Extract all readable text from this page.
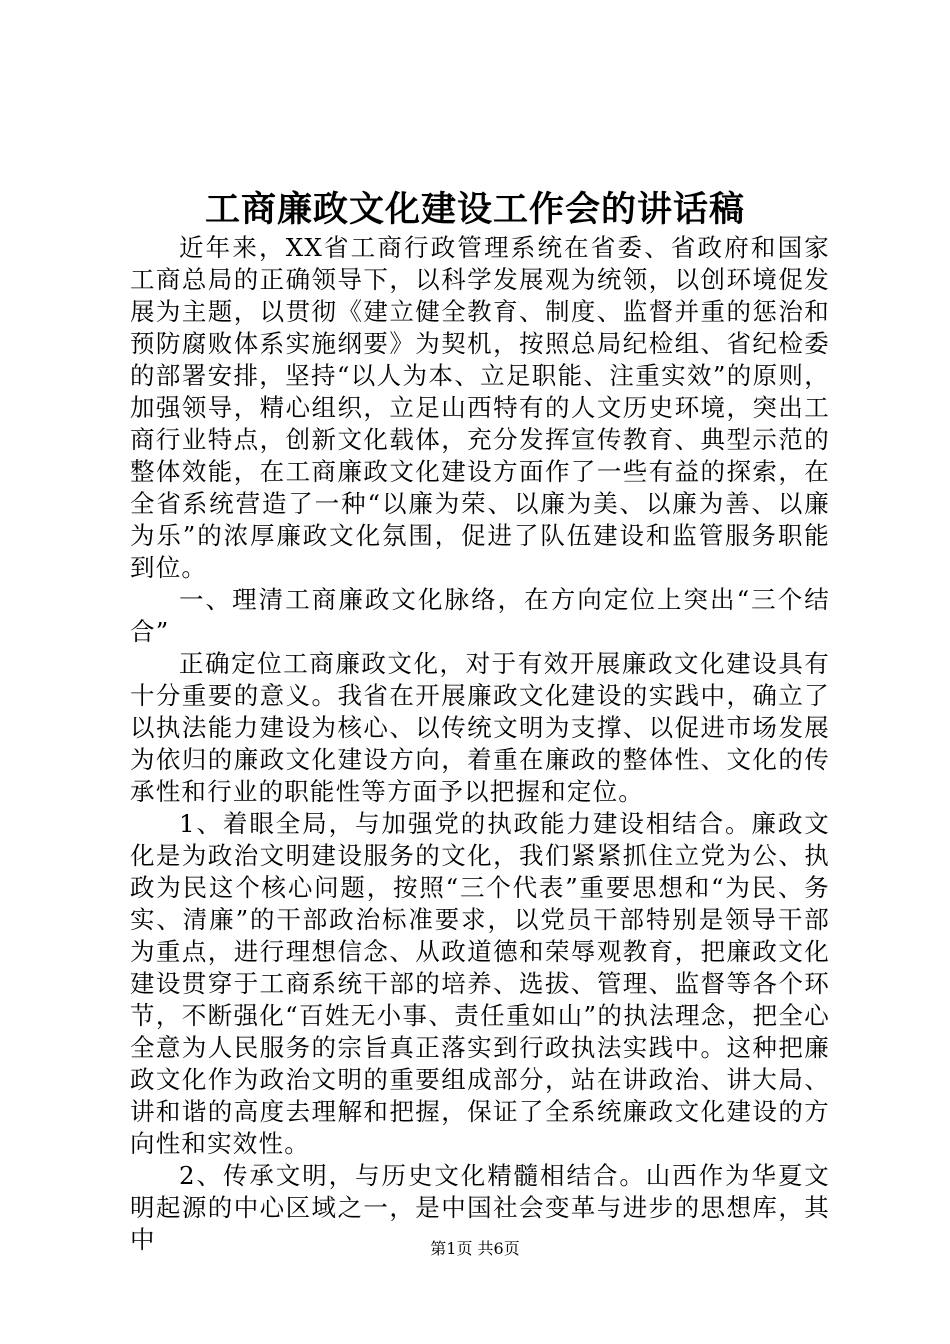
工商廉政文化建设工作会的讲话稿

近年来，XX省工商行政管理系统在省委、省政府和国家工商总局的正确领导下，以科学发展观为统领，以创环境促发展为主题，以贯彻《建立健全教育、制度、监督并重的惩治和预防腐败体系实施纲要》为契机，按照总局纪检组、省纪检委的部署安排，坚持“以人为本、立足职能、注重实效”的原则，加强领导，精心组织，立足山西特有的人文历史环境，突出工商行业特点，创新文化载体，充分发挥宣传教育、典型示范的整体效能，在工商廉政文化建设方面作了一些有益的探索，在全省系统营造了一种“以廉为荣、以廉为美、以廉为善、以廉为乐”的浓厚廉政文化氛围，促进了队伍建设和监管服务职能到位。

一、理清工商廉政文化脉络，在方向定位上突出“三个结合”

正确定位工商廉政文化，对于有效开展廉政文化建设具有十分重要的意义。我省在开展廉政文化建设的实践中，确立了以执法能力建设为核心、以传统文明为支撑、以促进市场发展为依归的廉政文化建设方向，着重在廉政的整体性、文化的传承性和行业的职能性等方面予以把握和定位。

1、着眼全局，与加强党的执政能力建设相结合。廉政文化是为政治文明建设服务的文化，我们紧紧抓住立党为公、执政为民这个核心问题，按照“三个代表”重要思想和“为民、务实、清廉”的干部政治标准要求，以党员干部特别是领导干部为重点，进行理想信念、从政道德和荣辱观教育，把廉政文化建设贯穿于工商系统干部的培养、选拔、管理、监督等各个环节，不断强化“百姓无小事、责任重如山”的执法理念，把全心全意为人民服务的宗旨真正落实到行政执法实践中。这种把廉政文化作为政治文明的重要组成部分，站在讲政治、讲大局、讲和谐的高度去理解和把握，保证了全系统廉政文化建设的方向性和实效性。

2、传承文明，与历史文化精髓相结合。山西作为华夏文明起源的中心区域之一，是中国社会变革与进步的思想库，其中	第1页 共6页
